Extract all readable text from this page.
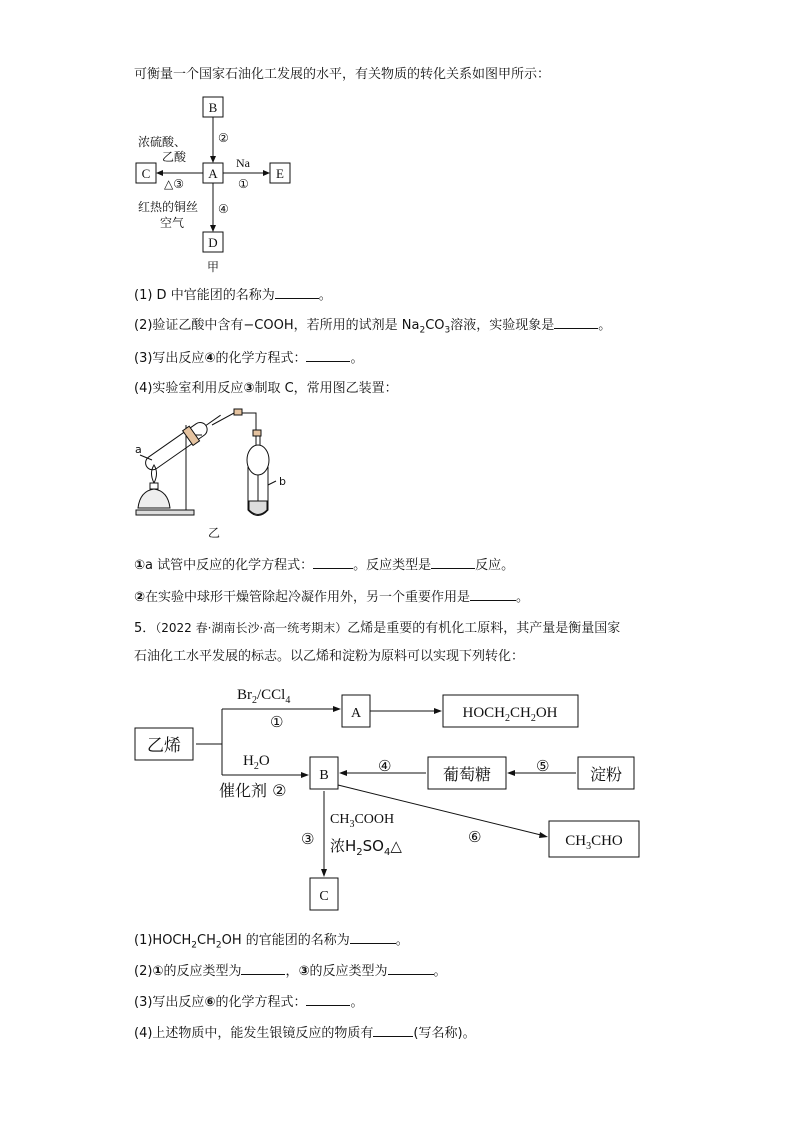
可衡量一个国家石油化工发展的水平，有关物质的转化关系如图甲所示：
B
A
C	E
D
②
浓硫酸、
乙酸
△③
Na
①
红热的铜丝
空气
④
甲
(1) D 中官能团的名称为	。
(2)验证乙酸中含有−COOH，若所用的试剂是 $Na_2CO_3$溶液，实验现象是	。
(3)写出反应④的化学方程式：	。
(4)实验室利用反应③制取 C，常用图乙装置：
a
b
乙
①a 试管中反应的化学方程式：	。反应类型是	反应。
②在实验中球形干燥管除起冷凝作用外，另一个重要作用是	。
5．（2022 春·湖南长沙·高一统考期末）乙烯是重要的有机化工原料，其产量是衡量国家
石油化工水平发展的标志。以乙烯和淀粉为原料可以实现下列转化：
乙烯
A	$HOCH_2CH_2OH$
B	葡萄糖	淀粉
$CH_3CHO$
C
$Br_2/CCl_4$
①
$H_2O$
催化剂 ②
④	⑤
③	⑥
$CH_3COOH$
浓$H_2SO_4\triangle$
$(1)HOCH_2CH_2OH$ 的官能团的名称为	。
(2)①的反应类型为	，③的反应类型为	。
(3)写出反应⑥的化学方程式：	。
(4)上述物质中，能发生银镜反应的物质有	(写名称)。
